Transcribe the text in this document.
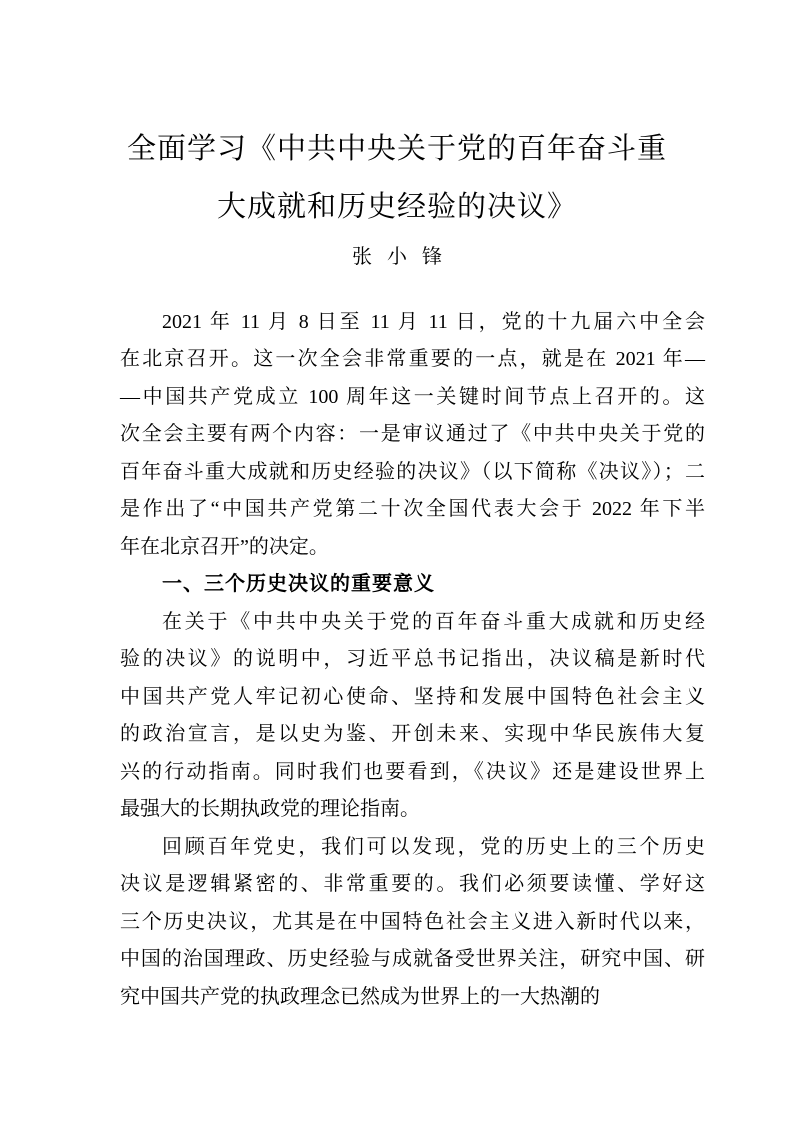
全面学习《中共中央关于党的百年奋斗重
大成就和历史经验的决议》
张小锋
2021 年 11 月 8 日至 11 月 11 日，党的十九届六中全会
在北京召开。这一次全会非常重要的一点，就是在 2021 年—
—中国共产党成立 100 周年这一关键时间节点上召开的。这
次全会主要有两个内容：一是审议通过了《中共中央关于党的
百年奋斗重大成就和历史经验的决议》（以下简称《决议》）；二
是作出了“中国共产党第二十次全国代表大会于 2022 年下半
年在北京召开”的决定。
一、三个历史决议的重要意义
在关于《中共中央关于党的百年奋斗重大成就和历史经
验的决议》的说明中，习近平总书记指出，决议稿是新时代
中国共产党人牢记初心使命、坚持和发展中国特色社会主义
的政治宣言，是以史为鉴、开创未来、实现中华民族伟大复
兴的行动指南。同时我们也要看到，《决议》还是建设世界上
最强大的长期执政党的理论指南。
回顾百年党史，我们可以发现，党的历史上的三个历史
决议是逻辑紧密的、非常重要的。我们必须要读懂、学好这
三个历史决议，尤其是在中国特色社会主义进入新时代以来，
中国的治国理政、历史经验与成就备受世界关注，研究中国、研
究中国共产党的执政理念已然成为世界上的一大热潮的
